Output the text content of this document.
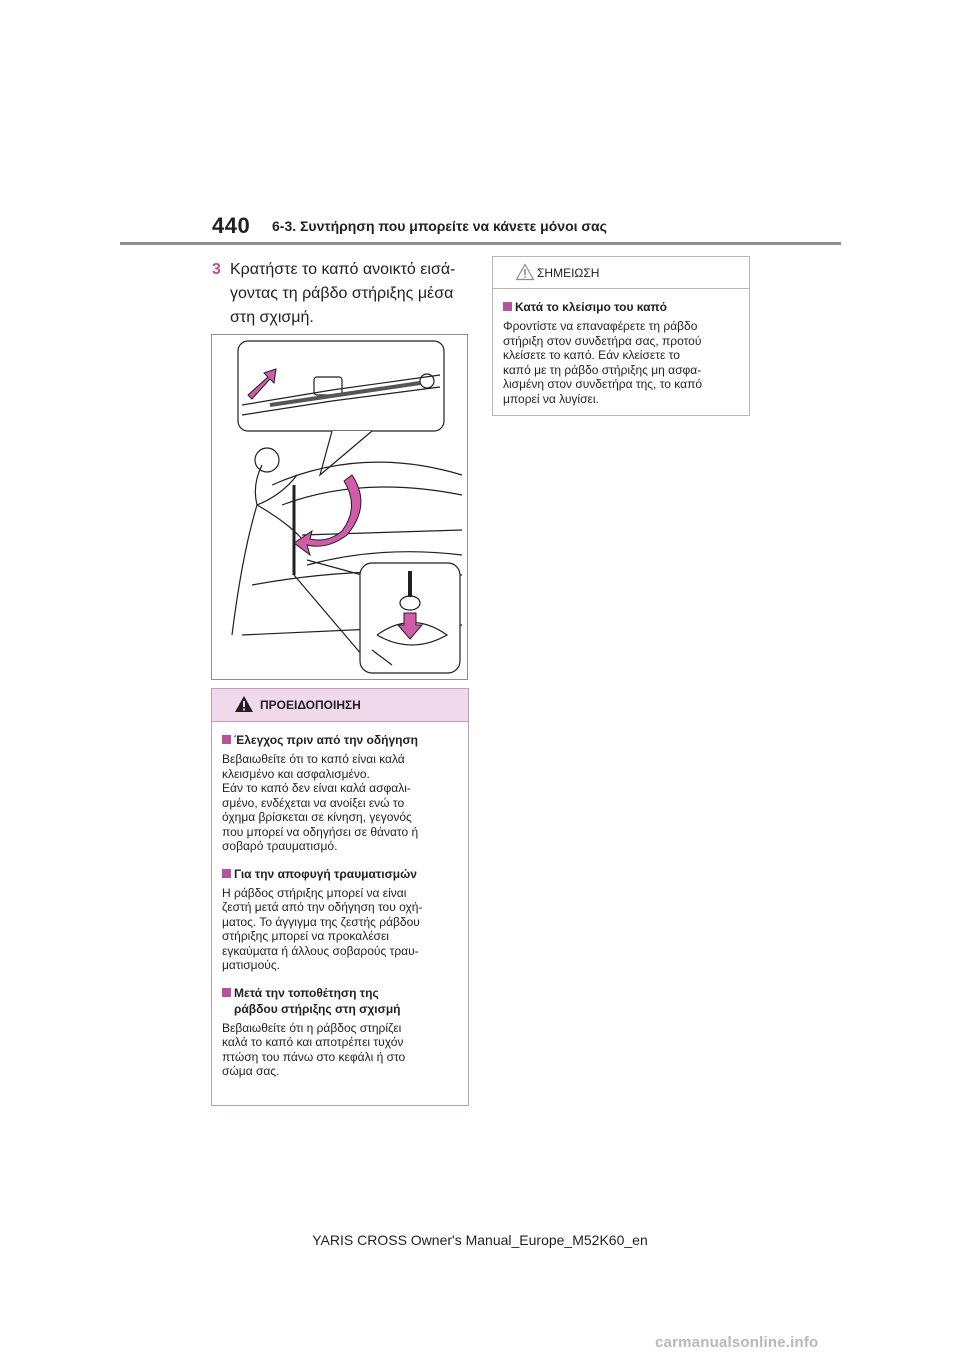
440 6-3. Συντήρηση που μπορείτε να κάνετε μόνοι σας
3 Κρατήστε το καπό ανοικτό εισά-
γοντας τη ράβδο στήριξης μέσα
στη σχισμή.
ΠΡΟΕΙΔΟΠΟΙΗΣΗ
Έλεγχος πριν από την οδήγηση
Βεβαιωθείτε ότι το καπό είναι καλά
κλεισμένο και ασφαλισμένο.
Εάν το καπό δεν είναι καλά ασφαλι-
σμένο, ενδέχεται να ανοίξει ενώ το
όχημα βρίσκεται σε κίνηση, γεγονός
που μπορεί να οδηγήσει σε θάνατο ή
σοβαρό τραυματισμό.
Για την αποφυγή τραυματισμών
Η ράβδος στήριξης μπορεί να είναι
ζεστή μετά από την οδήγηση του οχή-
ματος. Το άγγιγμα της ζεστής ράβδου
στήριξης μπορεί να προκαλέσει
εγκαύματα ή άλλους σοβαρούς τραυ-
ματισμούς.
Μετά την τοποθέτηση της
ράβδου στήριξης στη σχισμή
Βεβαιωθείτε ότι η ράβδος στηρίζει
καλά το καπό και αποτρέπει τυχόν
πτώση του πάνω στο κεφάλι ή στο
σώμα σας.
ΣΗΜΕΙΩΣΗ
Κατά το κλείσιμο του καπό
Φροντίστε να επαναφέρετε τη ράβδο
στήριξη στον συνδετήρα σας, προτού
κλείσετε το καπό. Εάν κλείσετε το
καπό με τη ράβδο στήριξης μη ασφα-
λισμένη στον συνδετήρα της, το καπό
μπορεί να λυγίσει.
YARIS CROSS Owner's Manual_Europe_M52K60_en
carmanualsonline.info
